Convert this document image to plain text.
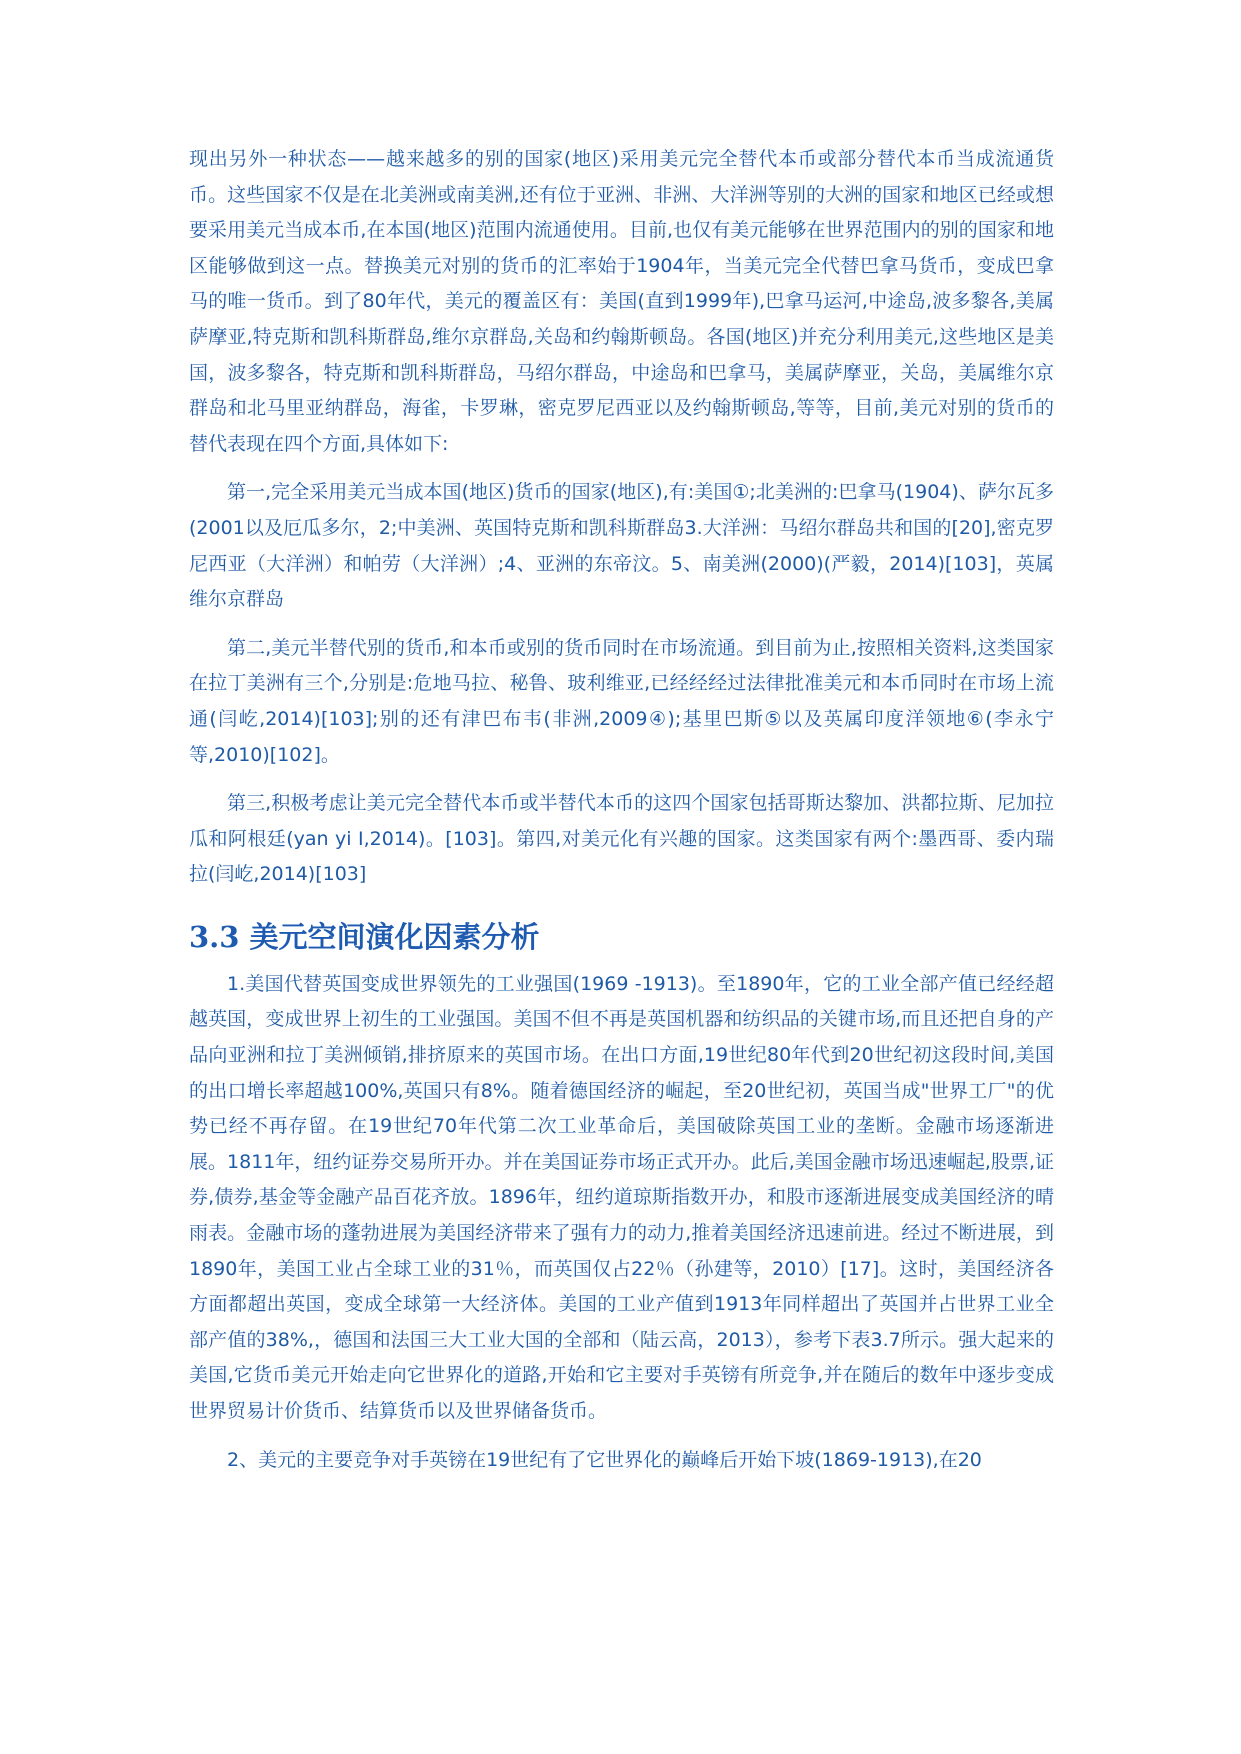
现出另外一种状态——越来越多的别的国家(地区)采用美元完全替代本币或部分替代本币当成流通货币。这些国家不仅是在北美洲或南美洲,还有位于亚洲、非洲、大洋洲等别的大洲的国家和地区已经或想要采用美元当成本币,在本国(地区)范围内流通使用。目前,也仅有美元能够在世界范围内的别的国家和地区能够做到这一点。替换美元对别的货币的汇率始于1904年，当美元完全代替巴拿马货币，变成巴拿马的唯一货币。到了80年代，美元的覆盖区有：美国(直到1999年),巴拿马运河,中途岛,波多黎各,美属萨摩亚,特克斯和凯科斯群岛,维尔京群岛,关岛和约翰斯顿岛。各国(地区)并充分利用美元,这些地区是美国，波多黎各，特克斯和凯科斯群岛，马绍尔群岛，中途岛和巴拿马，美属萨摩亚，关岛，美属维尔京群岛和北马里亚纳群岛，海雀，卡罗琳，密克罗尼西亚以及约翰斯顿岛,等等，目前,美元对别的货币的替代表现在四个方面,具体如下:

第一,完全采用美元当成本国(地区)货币的国家(地区),有:美国①;北美洲的:巴拿马(1904)、萨尔瓦多(2001以及厄瓜多尔，2;中美洲、英国特克斯和凯科斯群岛3.大洋洲：马绍尔群岛共和国的[20],密克罗尼西亚（大洋洲）和帕劳（大洋洲）;4、亚洲的东帝汶。5、南美洲(2000)(严毅，2014)[103]，英属维尔京群岛

第二,美元半替代别的货币,和本币或别的货币同时在市场流通。到目前为止,按照相关资料,这类国家在拉丁美洲有三个,分别是:危地马拉、秘鲁、玻利维亚,已经经经过法律批准美元和本币同时在市场上流通(闫屹,2014)[103];别的还有津巴布韦(非洲,2009④);基里巴斯⑤以及英属印度洋领地⑥(李永宁等,2010)[102]。

第三,积极考虑让美元完全替代本币或半替代本币的这四个国家包括哥斯达黎加、洪都拉斯、尼加拉瓜和阿根廷(yan yi I,2014)。[103]。第四,对美元化有兴趣的国家。这类国家有两个:墨西哥、委内瑞拉(闫屹,2014)[103]

3.3 美元空间演化因素分析

1.美国代替英国变成世界领先的工业强国(1969 -1913)。至1890年，它的工业全部产值已经经超越英国，变成世界上初生的工业强国。美国不但不再是英国机器和纺织品的关键市场,而且还把自身的产品向亚洲和拉丁美洲倾销,排挤原来的英国市场。在出口方面,19世纪80年代到20世纪初这段时间,美国的出口增长率超越100%,英国只有8%。随着德国经济的崛起，至20世纪初，英国当成"世界工厂"的优势已经不再存留。在19世纪70年代第二次工业革命后，美国破除英国工业的垄断。金融市场逐渐进展。1811年，纽约证券交易所开办。并在美国证券市场正式开办。此后,美国金融市场迅速崛起,股票,证券,债券,基金等金融产品百花齐放。1896年，纽约道琼斯指数开办，和股市逐渐进展变成美国经济的晴雨表。金融市场的蓬勃进展为美国经济带来了强有力的动力,推着美国经济迅速前进。经过不断进展，到1890年，美国工业占全球工业的31％，而英国仅占22％（孙建等，2010）[17]。这时，美国经济各方面都超出英国，变成全球第一大经济体。美国的工业产值到1913年同样超出了英国并占世界工业全部产值的38%,，德国和法国三大工业大国的全部和（陆云高，2013），参考下表3.7所示。强大起来的美国,它货币美元开始走向它世界化的道路,开始和它主要对手英镑有所竞争,并在随后的数年中逐步变成世界贸易计价货币、结算货币以及世界储备货币。

2、美元的主要竞争对手英镑在19世纪有了它世界化的巅峰后开始下坡(1869-1913),在20
